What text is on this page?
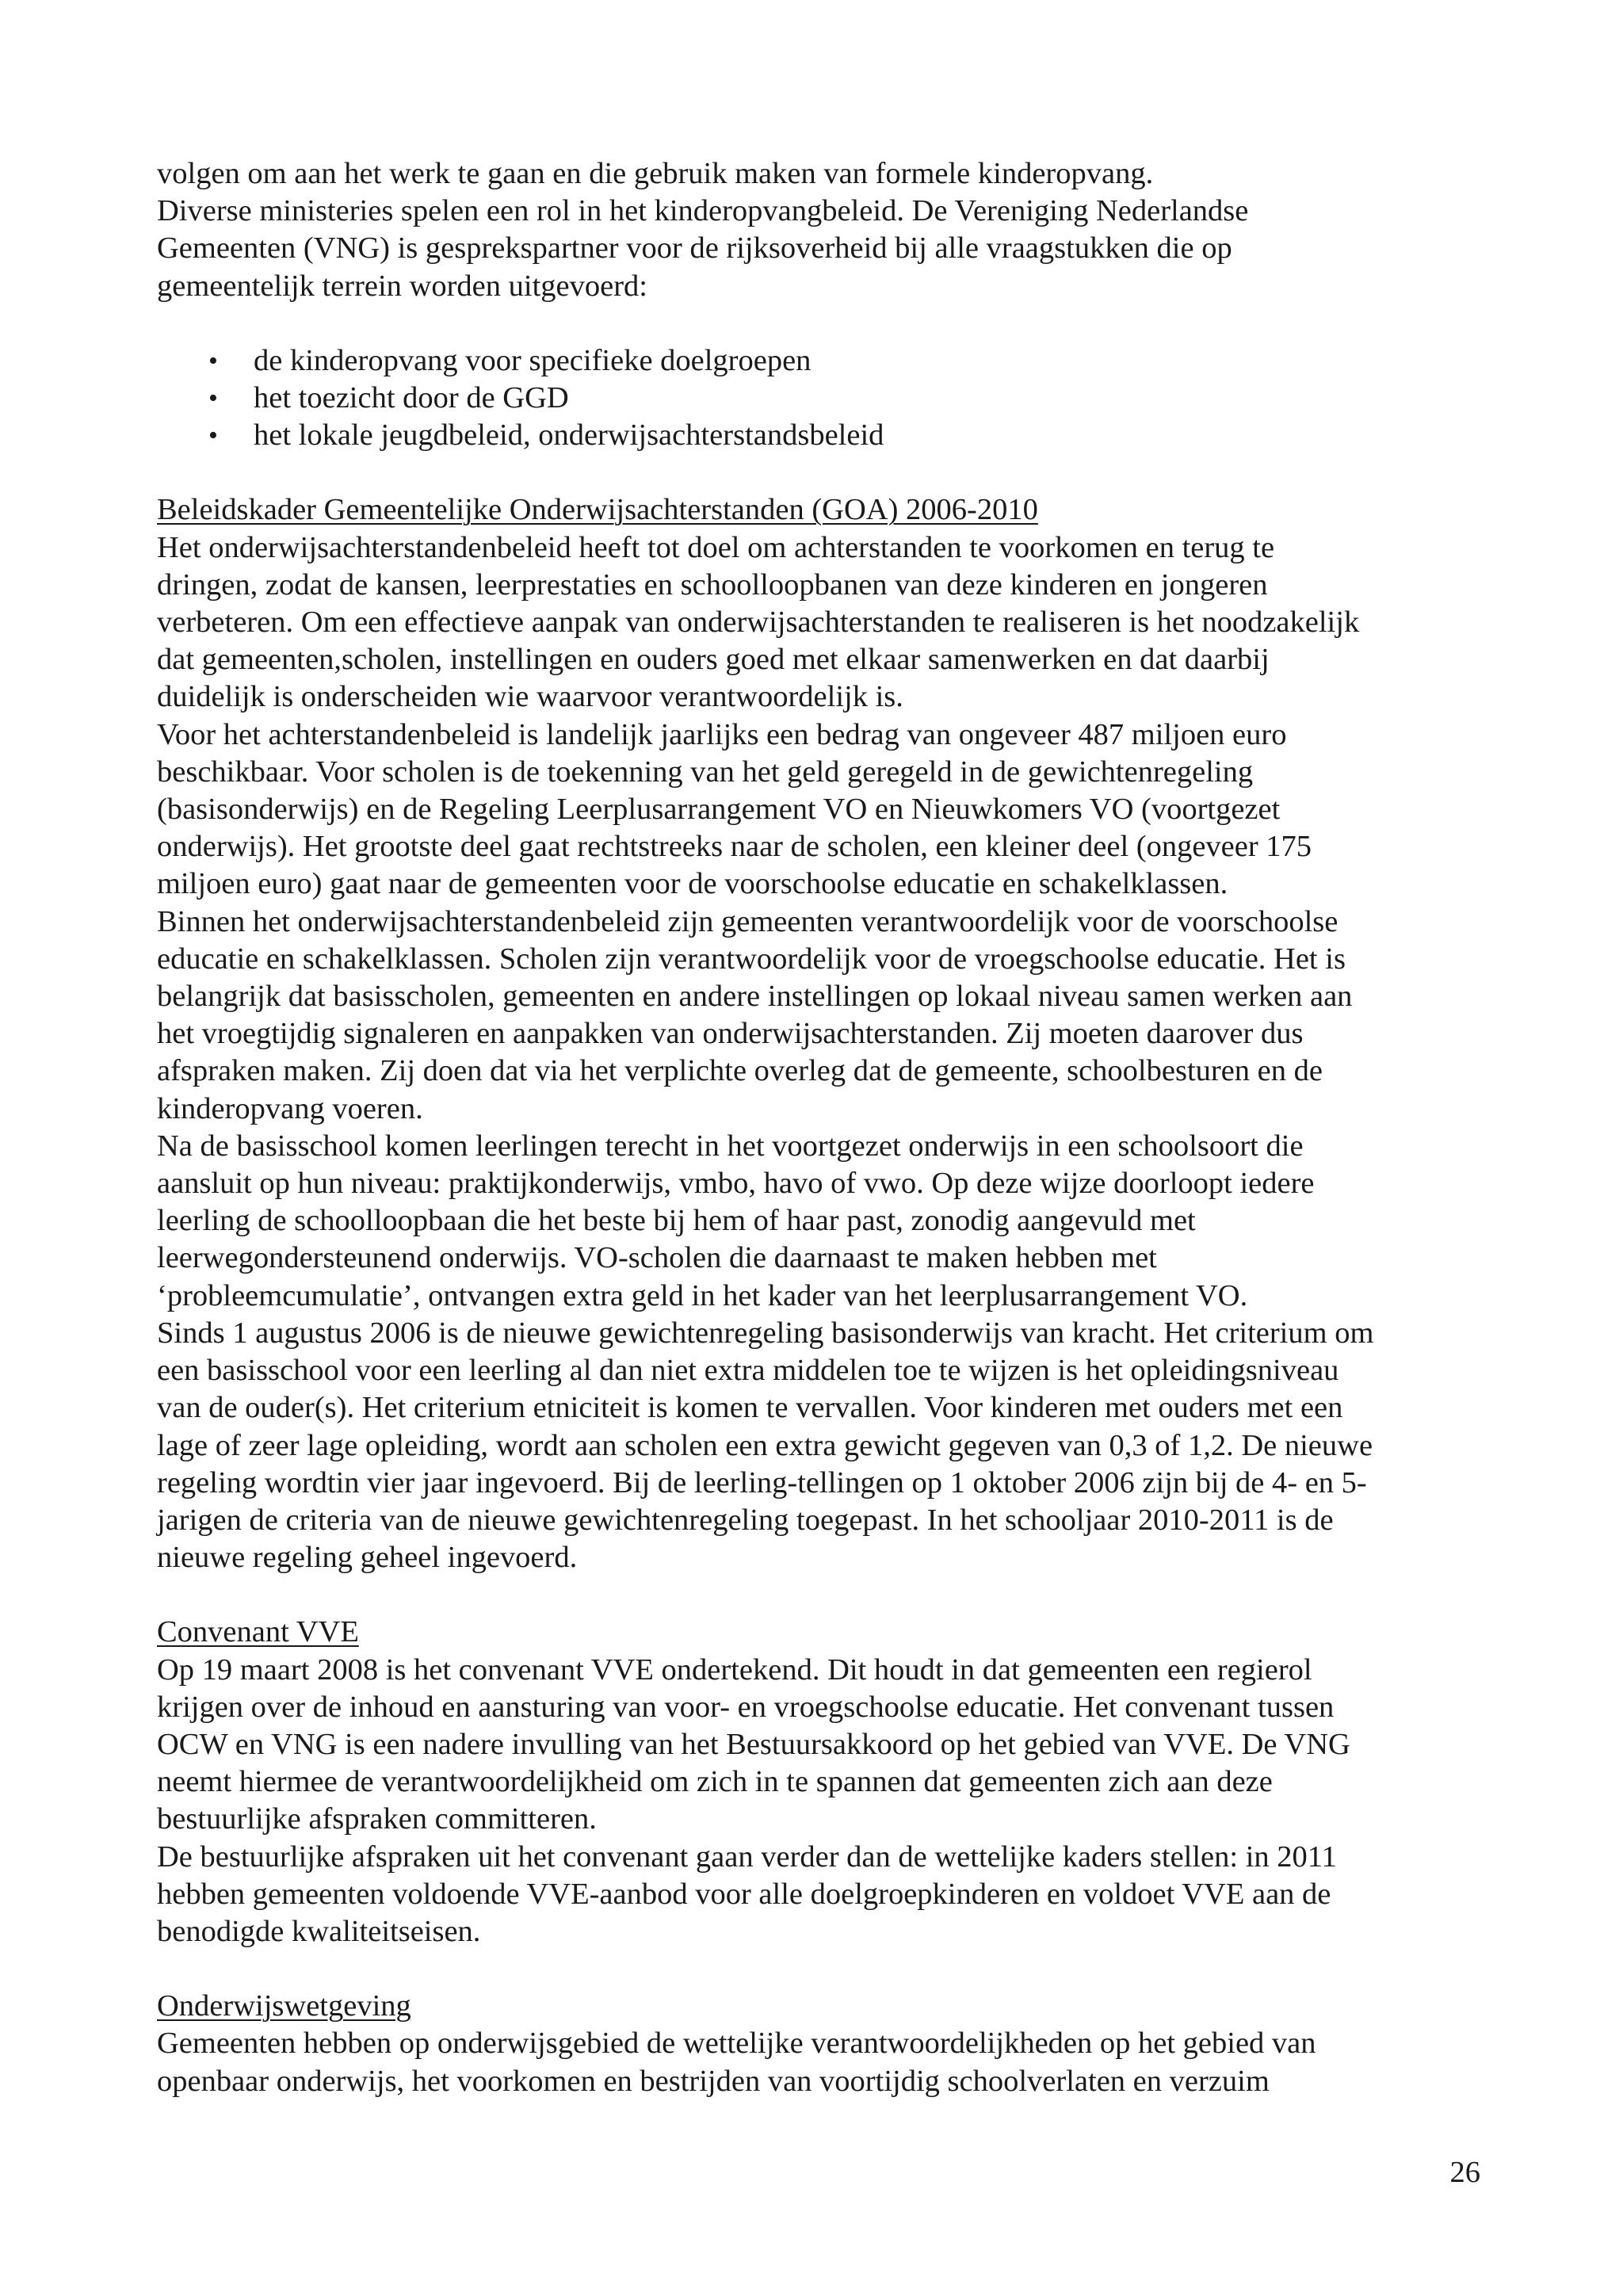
volgen om aan het werk te gaan en die gebruik maken van formele kinderopvang.
Diverse ministeries spelen een rol in het kinderopvangbeleid. De Vereniging Nederlandse
Gemeenten (VNG) is gesprekspartner voor de rijksoverheid bij alle vraagstukken die op
gemeentelijk terrein worden uitgevoerd:
• de kinderopvang voor specifieke doelgroepen
• het toezicht door de GGD
• het lokale jeugdbeleid, onderwijsachterstandsbeleid
Beleidskader Gemeentelijke Onderwijsachterstanden (GOA) 2006-2010
Het onderwijsachterstandenbeleid heeft tot doel om achterstanden te voorkomen en terug te
dringen, zodat de kansen, leerprestaties en schoolloopbanen van deze kinderen en jongeren
verbeteren. Om een effectieve aanpak van onderwijsachterstanden te realiseren is het noodzakelijk
dat gemeenten,scholen, instellingen en ouders goed met elkaar samenwerken en dat daarbij
duidelijk is onderscheiden wie waarvoor verantwoordelijk is.
Voor het achterstandenbeleid is landelijk jaarlijks een bedrag van ongeveer 487 miljoen euro
beschikbaar. Voor scholen is de toekenning van het geld geregeld in de gewichtenregeling
(basisonderwijs) en de Regeling Leerplusarrangement VO en Nieuwkomers VO (voortgezet
onderwijs). Het grootste deel gaat rechtstreeks naar de scholen, een kleiner deel (ongeveer 175
miljoen euro) gaat naar de gemeenten voor de voorschoolse educatie en schakelklassen.
Binnen het onderwijsachterstandenbeleid zijn gemeenten verantwoordelijk voor de voorschoolse
educatie en schakelklassen. Scholen zijn verantwoordelijk voor de vroegschoolse educatie. Het is
belangrijk dat basisscholen, gemeenten en andere instellingen op lokaal niveau samen werken aan
het vroegtijdig signaleren en aanpakken van onderwijsachterstanden. Zij moeten daarover dus
afspraken maken. Zij doen dat via het verplichte overleg dat de gemeente, schoolbesturen en de
kinderopvang voeren.
Na de basisschool komen leerlingen terecht in het voortgezet onderwijs in een schoolsoort die
aansluit op hun niveau: praktijkonderwijs, vmbo, havo of vwo. Op deze wijze doorloopt iedere
leerling de schoolloopbaan die het beste bij hem of haar past, zonodig aangevuld met
leerwegondersteunend onderwijs. VO-scholen die daarnaast te maken hebben met
‘probleemcumulatie’, ontvangen extra geld in het kader van het leerplusarrangement VO.
Sinds 1 augustus 2006 is de nieuwe gewichtenregeling basisonderwijs van kracht. Het criterium om
een basisschool voor een leerling al dan niet extra middelen toe te wijzen is het opleidingsniveau
van de ouder(s). Het criterium etniciteit is komen te vervallen. Voor kinderen met ouders met een
lage of zeer lage opleiding, wordt aan scholen een extra gewicht gegeven van 0,3 of 1,2. De nieuwe
regeling wordtin vier jaar ingevoerd. Bij de leerling-tellingen op 1 oktober 2006 zijn bij de 4- en 5-
jarigen de criteria van de nieuwe gewichtenregeling toegepast. In het schooljaar 2010-2011 is de
nieuwe regeling geheel ingevoerd.
Convenant VVE
Op 19 maart 2008 is het convenant VVE ondertekend. Dit houdt in dat gemeenten een regierol
krijgen over de inhoud en aansturing van voor- en vroegschoolse educatie. Het convenant tussen
OCW en VNG is een nadere invulling van het Bestuursakkoord op het gebied van VVE. De VNG
neemt hiermee de verantwoordelijkheid om zich in te spannen dat gemeenten zich aan deze
bestuurlijke afspraken committeren.
De bestuurlijke afspraken uit het convenant gaan verder dan de wettelijke kaders stellen: in 2011
hebben gemeenten voldoende VVE-aanbod voor alle doelgroepkinderen en voldoet VVE aan de
benodigde kwaliteitseisen.
Onderwijswetgeving
Gemeenten hebben op onderwijsgebied de wettelijke verantwoordelijkheden op het gebied van
openbaar onderwijs, het voorkomen en bestrijden van voortijdig schoolverlaten en verzuim
26
